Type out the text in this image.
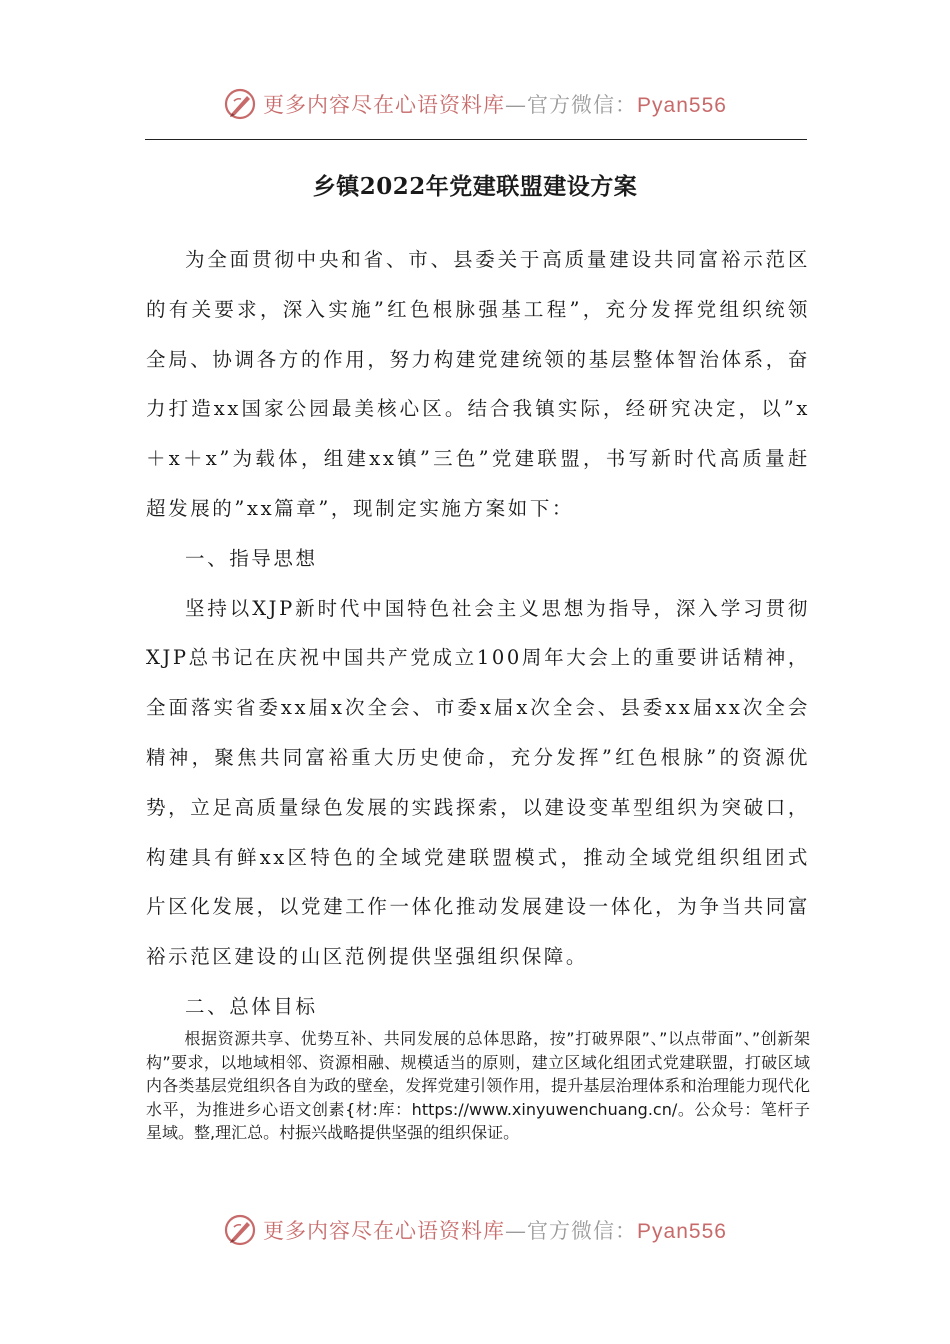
更多内容尽在心语资料库—官方微信：Pyan556
乡镇2022年党建联盟建设方案

为全面贯彻中央和省、市、县委关于高质量建设共同富裕示范区的有关要求，深入实施”红色根脉强基工程”，充分发挥党组织统领全局、协调各方的作用，努力构建党建统领的基层整体智治体系，奋力打造xx国家公园最美核心区。结合我镇实际，经研究决定，以”x＋x＋x”为载体，组建xx镇”三色”党建联盟，书写新时代高质量赶超发展的”xx篇章”，现制定实施方案如下：

一、指导思想

坚持以XJP新时代中国特色社会主义思想为指导，深入学习贯彻XJP总书记在庆祝中国共产党成立100周年大会上的重要讲话精神，全面落实省委xx届x次全会、市委x届x次全会、县委xx届xx次全会精神，聚焦共同富裕重大历史使命，充分发挥”红色根脉”的资源优势，立足高质量绿色发展的实践探索，以建设变革型组织为突破口，构建具有鲜xx区特色的全域党建联盟模式，推动全域党组织组团式片区化发展，以党建工作一体化推动发展建设一体化，为争当共同富裕示范区建设的山区范例提供坚强组织保障。

二、总体目标

根据资源共享、优势互补、共同发展的总体思路，按”打破界限”、”以点带面”、”创新架构”要求，以地域相邻、资源相融、规模适当的原则，建立区域化组团式党建联盟，打破区域内各类基层党组织各自为政的壁垒，发挥党建引领作用，提升基层治理体系和治理能力现代化水平，为推进乡心语文创素{材:库：https://www.xinyuwenchuang.cn/。公众号：笔杆子星域。整,理汇总。村振兴战略提供坚强的组织保证。

更多内容尽在心语资料库—官方微信：Pyan556
